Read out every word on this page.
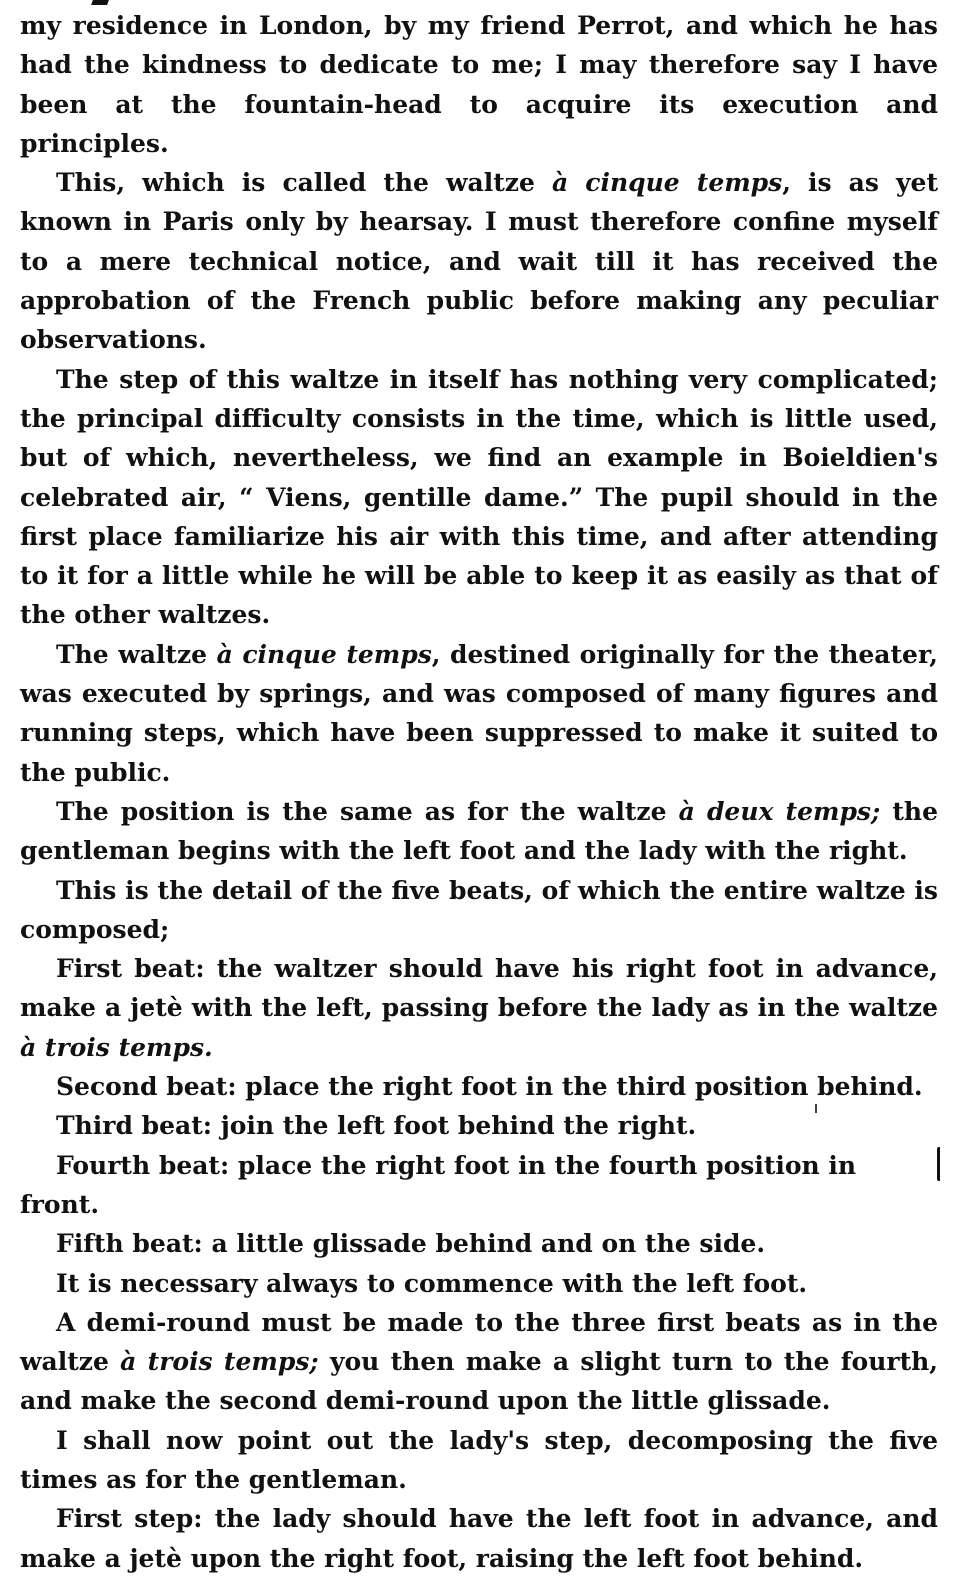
my residence in London, by my friend Perrot, and which he has had the kindness to dedicate to me; I may therefore say I have been at the fountain-head to acquire its execution and principles.

This, which is called the waltze à cinque temps, is as yet known in Paris only by hearsay. I must therefore confine myself to a mere technical notice, and wait till it has received the approbation of the French public before making any peculiar observations.

The step of this waltze in itself has nothing very complicated; the principal difficulty consists in the time, which is little used, but of which, nevertheless, we find an example in Boieldien's celebrated air, “ Viens, gentille dame.” The pupil should in the first place familiarize his air with this time, and after attending to it for a little while he will be able to keep it as easily as that of the other waltzes.

The waltze à cinque temps, destined originally for the theater, was executed by springs, and was composed of many figures and running steps, which have been suppressed to make it suited to the public.

The position is the same as for the waltze à deux temps; the gentleman begins with the left foot and the lady with the right.

This is the detail of the five beats, of which the entire waltze is composed;

First beat: the waltzer should have his right foot in advance, make a jetè with the left, passing before the lady as in the waltze à trois temps.

Second beat: place the right foot in the third position behind.

Third beat: join the left foot behind the right.

Fourth beat: place the right foot in the fourth position in front.

Fifth beat: a little glissade behind and on the side.

It is necessary always to commence with the left foot.

A demi-round must be made to the three first beats as in the waltze à trois temps; you then make a slight turn to the fourth, and make the second demi-round upon the little glissade.

I shall now point out the lady's step, decomposing the five times as for the gentleman.

First step: the lady should have the left foot in advance, and make a jetè upon the right foot, raising the left foot behind.
